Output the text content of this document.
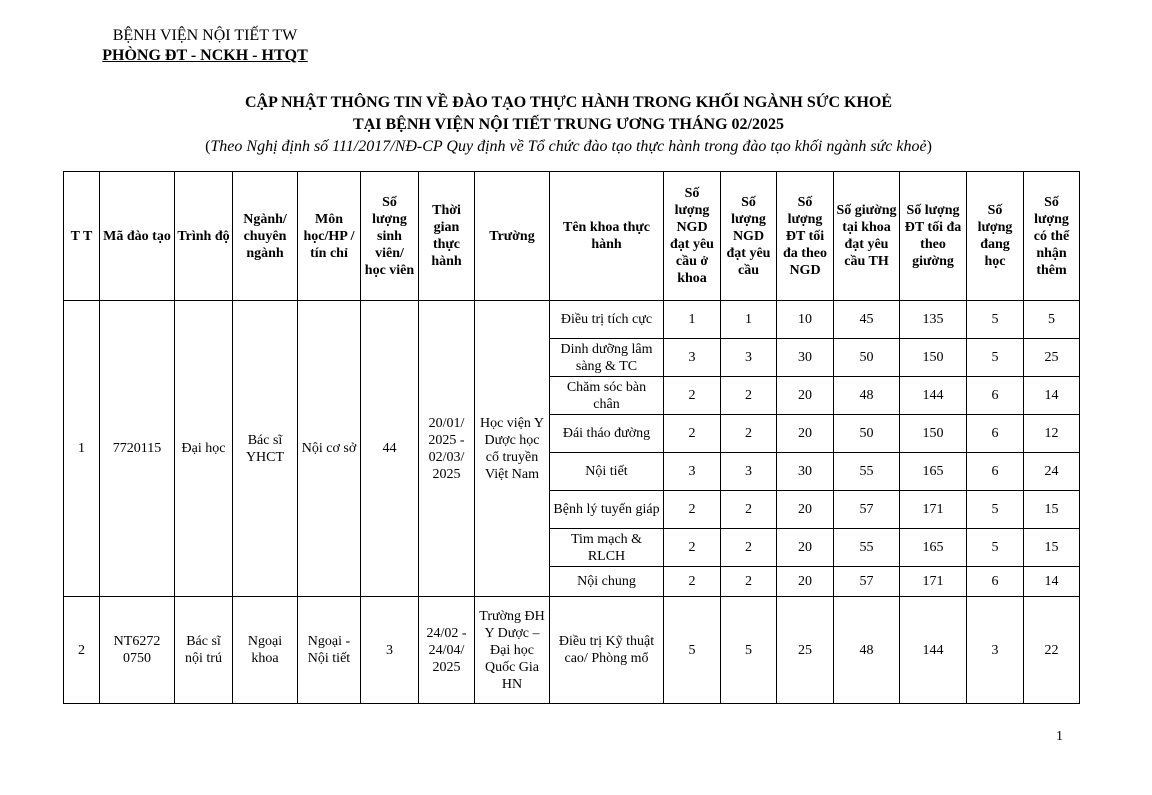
BỆNH VIỆN NỘI TIẾT TW
PHÒNG ĐT - NCKH - HTQT
CẬP NHẬT THÔNG TIN VỀ ĐÀO TẠO THỰC HÀNH TRONG KHỐI NGÀNH SỨC KHOẺ
TẠI BỆNH VIỆN NỘI TIẾT TRUNG ƯƠNG THÁNG 02/2025
(Theo Nghị định số 111/2017/NĐ-CP Quy định về Tổ chức đào tạo thực hành trong đào tạo khối ngành sức khoẻ)
T T	Mã đào tạo	Trình độ	Ngành/ chuyên ngành	Môn học/HP / tín chỉ	Số lượng sinh viên/ học viên	Thời gian thực hành	Trường	Tên khoa thực hành	Số lượng NGD đạt yêu cầu ở khoa	Số lượng NGD đạt yêu cầu	Số lượng ĐT tối đa theo NGD	Số giường tại khoa đạt yêu cầu TH	Số lượng ĐT tối đa theo giường	Số lượng đang học	Số lượng có thể nhận thêm
1	7720115	Đại học	Bác sĩ YHCT	Nội cơ sở	44	20/01/ 2025 - 02/03/ 2025	Học viện Y Dược học cổ truyền Việt Nam	Điều trị tích cực	1	1	10	45	135	5	5
								Dinh dưỡng lâm sàng & TC	3	3	30	50	150	5	25
								Chăm sóc bàn chân	2	2	20	48	144	6	14
								Đái tháo đường	2	2	20	50	150	6	12
								Nội tiết	3	3	30	55	165	6	24
								Bệnh lý tuyến giáp	2	2	20	57	171	5	15
								Tim mạch & RLCH	2	2	20	55	165	5	15
								Nội chung	2	2	20	57	171	6	14
2	NT6272 0750	Bác sĩ nội trú	Ngoại khoa	Ngoại - Nội tiết	3	24/02 - 24/04/ 2025	Trường ĐH Y Dược – Đại học Quốc Gia HN	Điều trị Kỹ thuật cao/ Phòng mổ	5	5	25	48	144	3	22
1
